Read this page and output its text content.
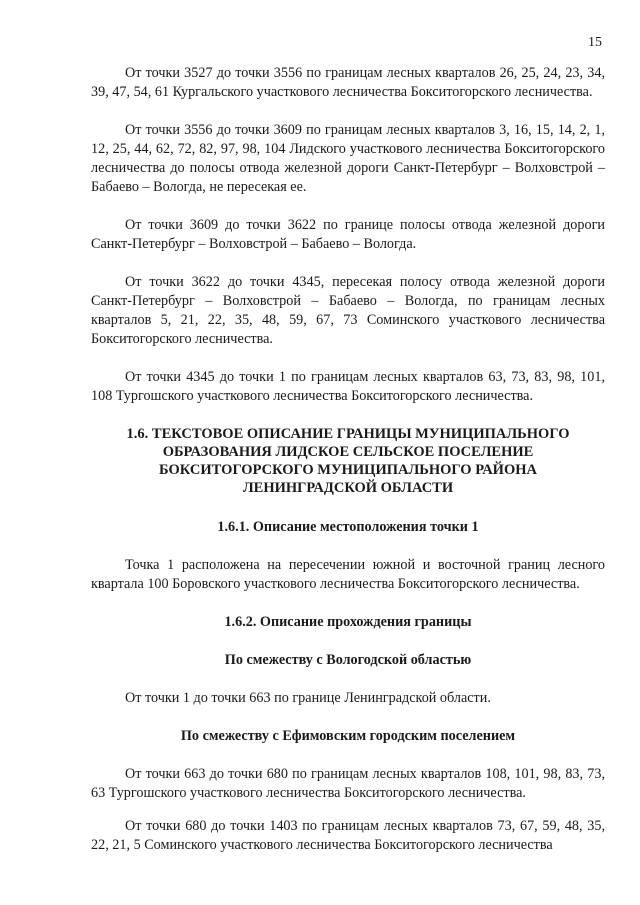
15

От точки 3527 до точки 3556 по границам лесных кварталов 26, 25, 24, 23, 34, 39, 47, 54, 61 Кургальского участкового лесничества Бокситогорского лесничества.

От точки 3556 до точки 3609 по границам лесных кварталов 3, 16, 15, 14, 2, 1, 12, 25, 44, 62, 72, 82, 97, 98, 104 Лидского участкового лесничества Бокситогорского лесничества до полосы отвода железной дороги Санкт-Петербург – Волховстрой – Бабаево – Вологда, не пересекая ее.

От точки 3609 до точки 3622 по границе полосы отвода железной дороги Санкт-Петербург – Волховстрой – Бабаево – Вологда.

От точки 3622 до точки 4345, пересекая полосу отвода железной дороги Санкт-Петербург – Волховстрой – Бабаево – Вологда, по границам лесных кварталов 5, 21, 22, 35, 48, 59, 67, 73 Соминского участкового лесничества Бокситогорского лесничества.

От точки 4345 до точки 1 по границам лесных кварталов 63, 73, 83, 98, 101, 108 Тургошского участкового лесничества Бокситогорского лесничества.

1.6. ТЕКСТОВОЕ ОПИСАНИЕ ГРАНИЦЫ МУНИЦИПАЛЬНОГО ОБРАЗОВАНИЯ ЛИДСКОЕ СЕЛЬСКОЕ ПОСЕЛЕНИЕ БОКСИТОГОРСКОГО МУНИЦИПАЛЬНОГО РАЙОНА ЛЕНИНГРАДСКОЙ ОБЛАСТИ
1.6.1. Описание местоположения точки 1

Точка 1 расположена на пересечении южной и восточной границ лесного квартала 100 Боровского участкового лесничества Бокситогорского лесничества.

1.6.2. Описание прохождения границы
По смежеству с Вологодской областью

От точки 1 до точки 663 по границе Ленинградской области.

По смежеству с Ефимовским городским поселением

От точки 663 до точки 680 по границам лесных кварталов 108, 101, 98, 83, 73, 63 Тургошского участкового лесничества Бокситогорского лесничества.

От точки 680 до точки 1403 по границам лесных кварталов 73, 67, 59, 48, 35, 22, 21, 5 Соминского участкового лесничества Бокситогорского лесничества
